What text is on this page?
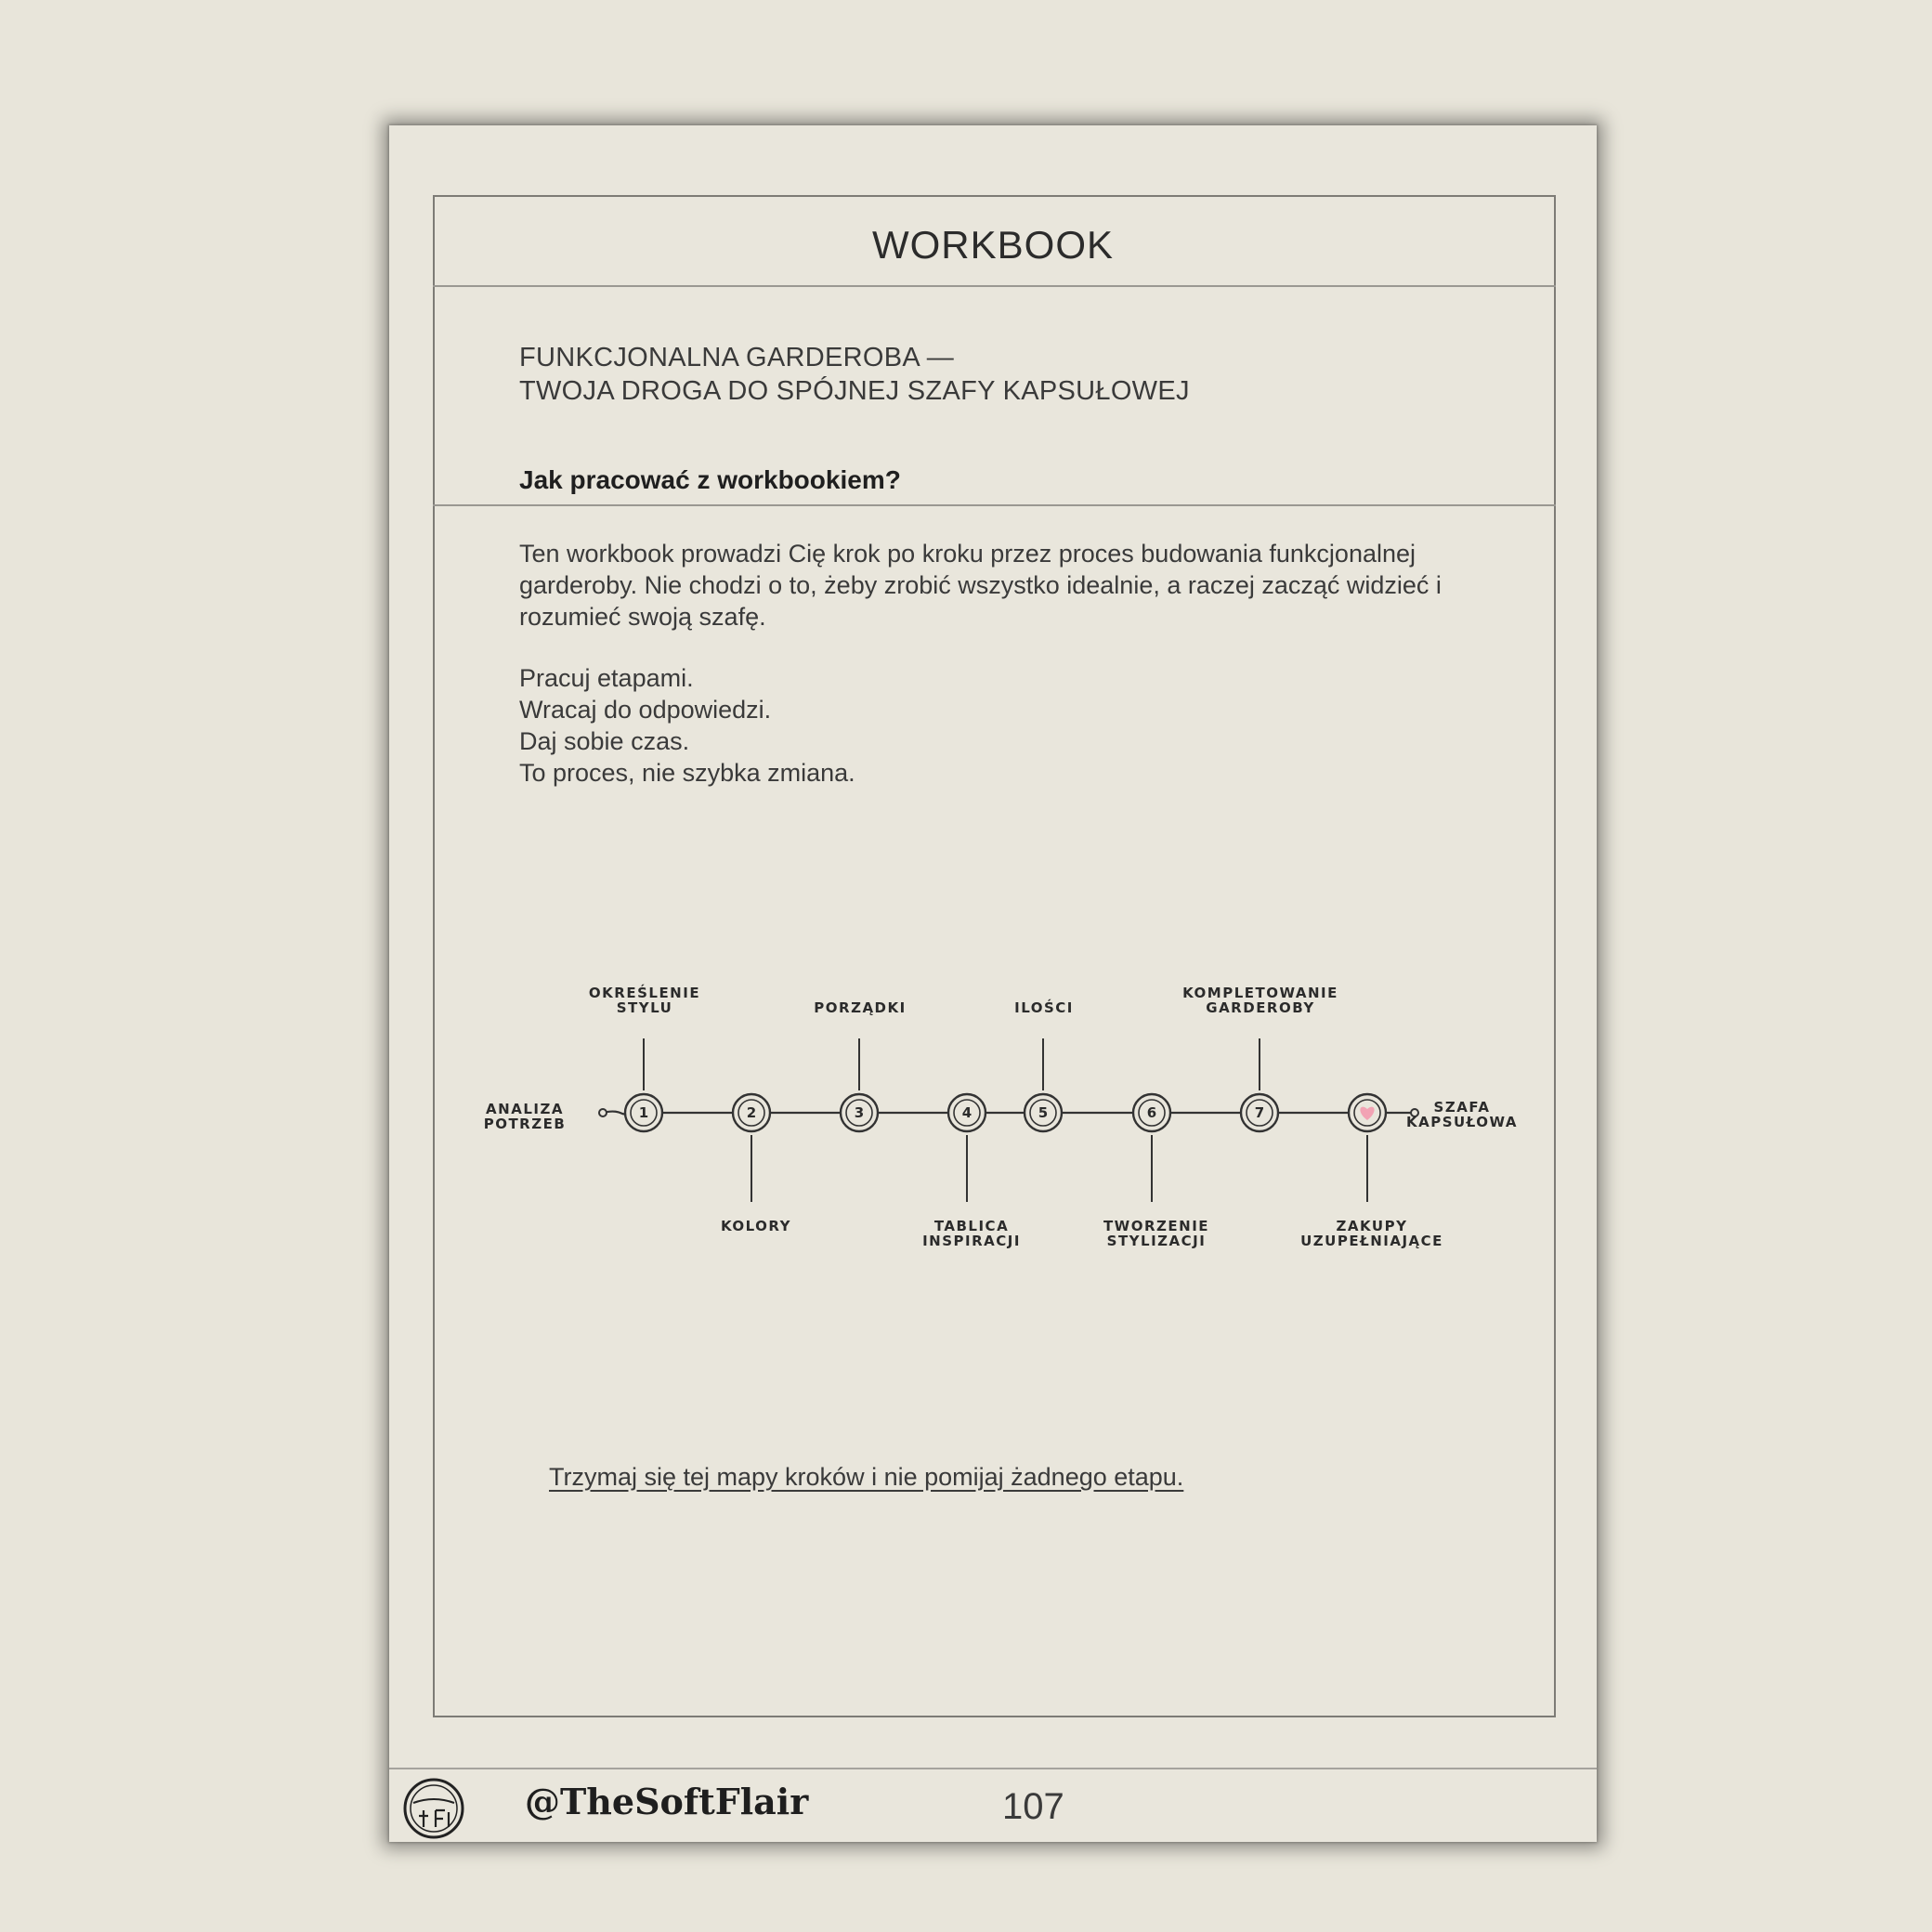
WORKBOOK
FUNKCJONALNA GARDEROBA —
TWOJA DROGA DO SPÓJNEJ SZAFY KAPSUŁOWEJ
Jak pracować z workbookiem?
Ten workbook prowadzi Cię krok po kroku przez proces budowania funkcjonalnej garderoby. Nie chodzi o to, żeby zrobić wszystko idealnie, a raczej zacząć widzieć i rozumieć swoją szafę.
Pracuj etapami.
Wracaj do odpowiedzi.
Daj sobie czas.
To proces, nie szybka zmiana.
ANALIZA POTRZEB
SZAFA KAPSUŁOWA
1
OKREŚLENIE STYLU
2
KOLORY
3
PORZĄDKI
4
TABLICA INSPIRACJI
5
ILOŚCI
6
TWORZENIE STYLIZACJI
7
KOMPLETOWANIE GARDEROBY
ZAKUPY UZUPEŁNIAJĄCE
Trzymaj się tej mapy kroków i nie pomijaj żadnego etapu.
@TheSoftFlair	107
